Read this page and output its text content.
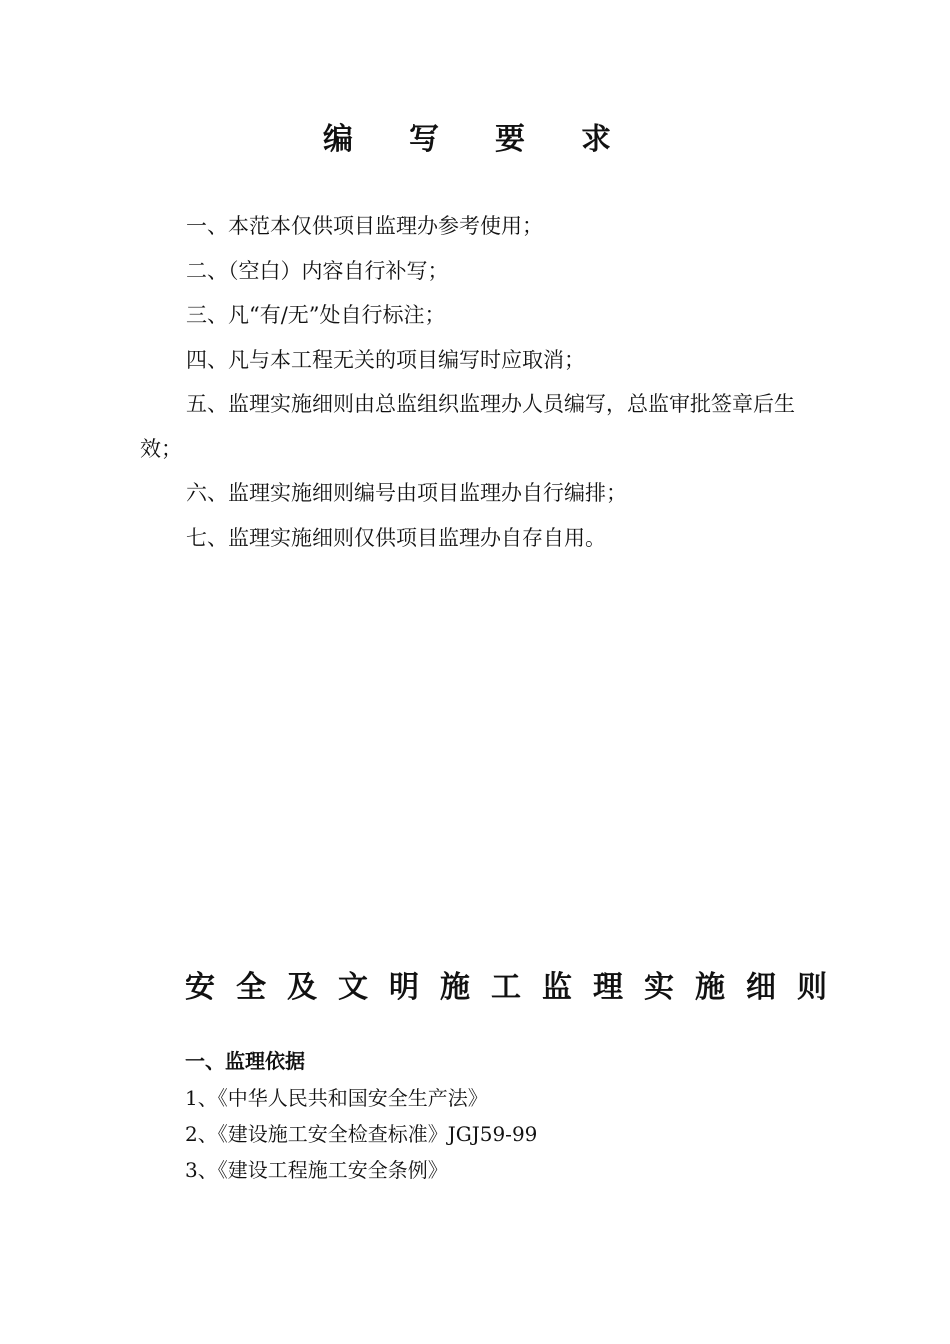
编写要求

一、本范本仅供项目监理办参考使用；

二、（空白）内容自行补写；

三、凡“有/无”处自行标注；

四、凡与本工程无关的项目编写时应取消；

五、监理实施细则由总监组织监理办人员编写，总监审批签章后生效；

六、监理实施细则编号由项目监理办自行编排；

七、监理实施细则仅供项目监理办自存自用。

安全及文明施工监理实施细则
一、监理依据

1、《中华人民共和国安全生产法》

2、《建设施工安全检查标准》JGJ59-99

3、《建设工程施工安全条例》
